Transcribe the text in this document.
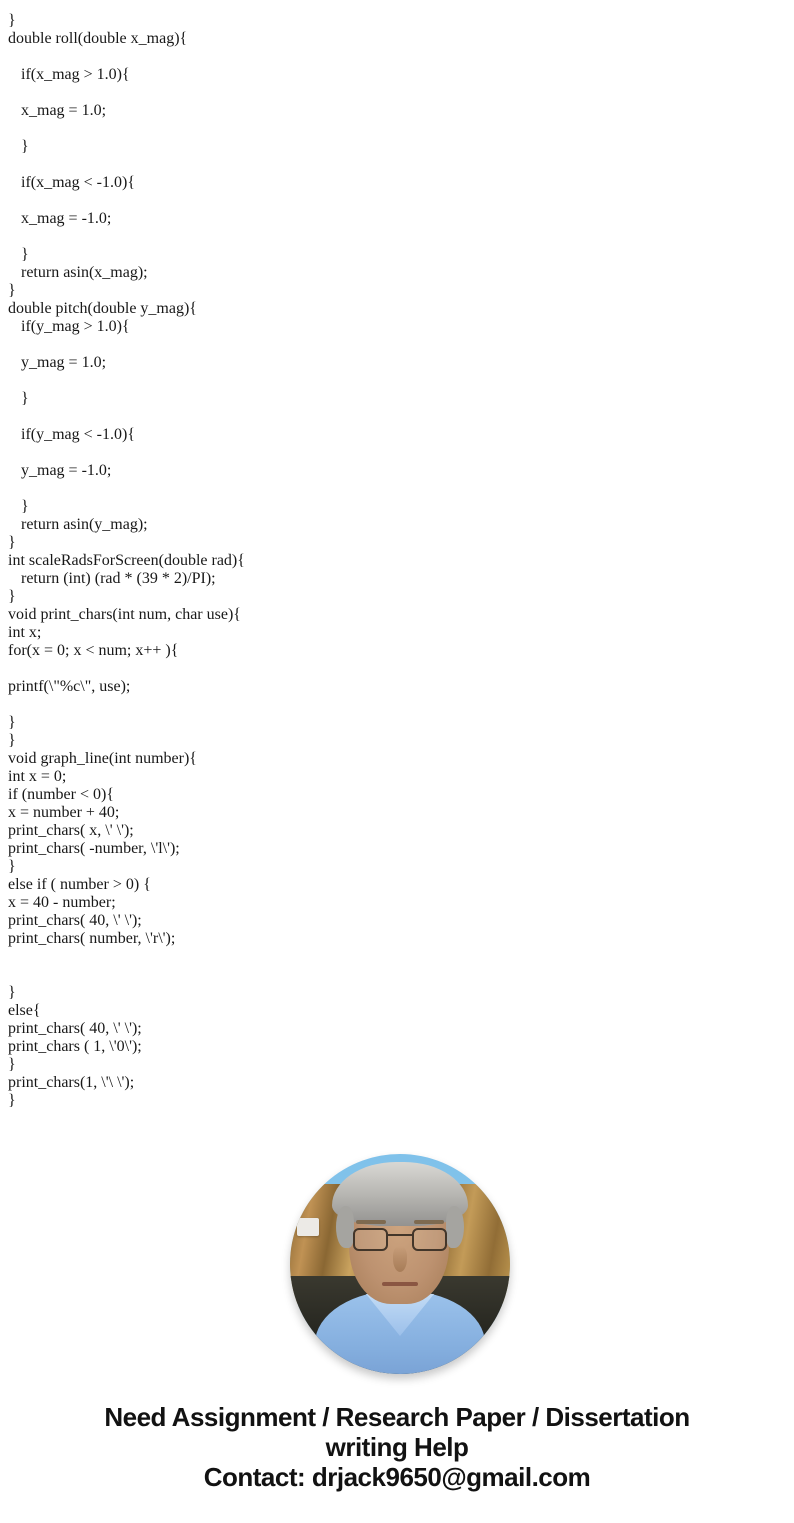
}
double roll(double x_mag){

if(x_mag > 1.0){

x_mag = 1.0;

}

if(x_mag < -1.0){

x_mag = -1.0;

}
return asin(x_mag);
}
double pitch(double y_mag){
if(y_mag > 1.0){

y_mag = 1.0;

}

if(y_mag < -1.0){

y_mag = -1.0;

}
return asin(y_mag);
}
int scaleRadsForScreen(double rad){
return (int) (rad * (39 * 2)/PI);
}
void print_chars(int num, char use){
int x;
for(x = 0; x < num; x++ ){

printf(\"%c\", use);

}
}
void graph_line(int number){
int x = 0;
if (number < 0){
x = number + 40;
print_chars( x, \' \');
print_chars( -number, \'l\');
}
else if ( number > 0) {
x = 40 - number;
print_chars( 40, \' \');
print_chars( number, \'r\');

}
else{
print_chars( 40, \' \');
print_chars ( 1, \'0\');
}
print_chars(1, \'\ \');
}
Need Assignment / Research Paper / Dissertation
writing Help
Contact: drjack9650@gmail.com
